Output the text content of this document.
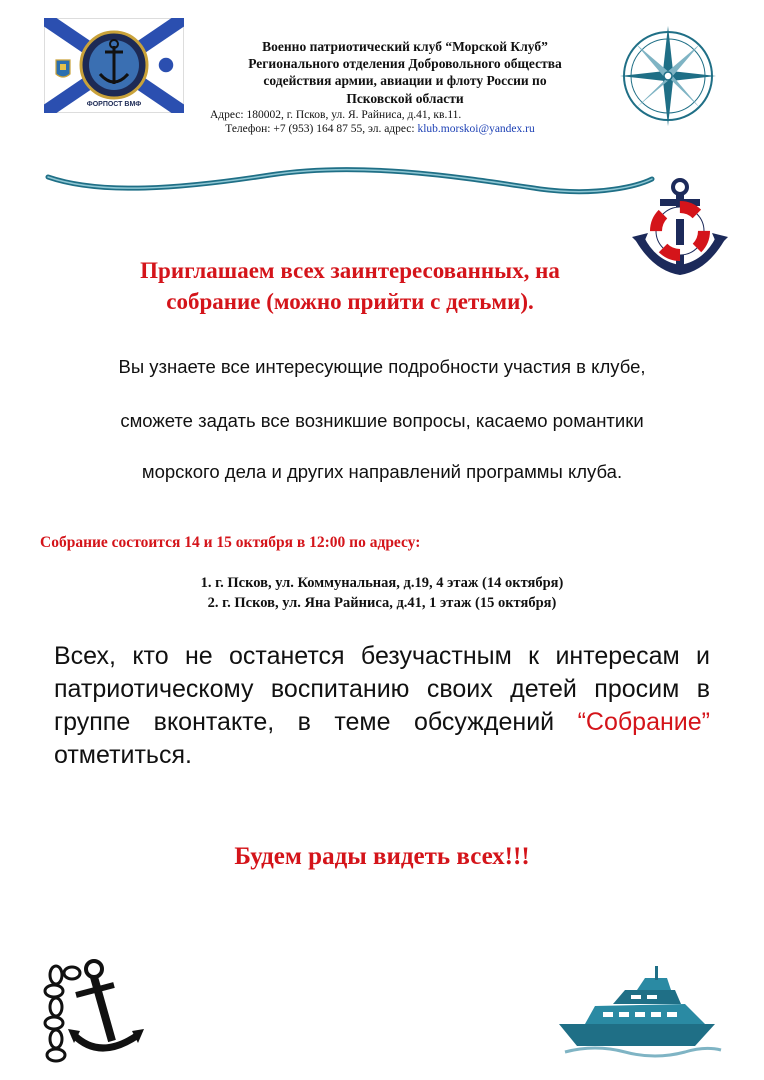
ФОРПОСТ ВМФ
Военно патриотический клуб “Морской Клуб”
Регионального отделения Добровольного общества
содействия армии, авиации и флоту России по
Псковской области
Адрес: 180002, г. Псков, ул. Я. Райниса, д.41, кв.11.
Телефон: +7 (953) 164 87 55, эл. адрес: klub.morskoi@yandex.ru
Приглашаем всех заинтересованных, на
собрание (можно прийти с детьми).
Вы узнаете все интересующие подробности участия в клубе,
сможете задать все возникшие вопросы, касаемо романтики
морского дела и других направлений программы клуба.
Собрание состоится 14 и 15 октября в 12:00 по адресу:
1. г. Псков, ул. Коммунальная, д.19, 4 этаж (14 октября)
2. г. Псков, ул. Яна Райниса, д.41, 1 этаж (15 октября)
Всех, кто не останется безучастным к интересам и патриотическому воспитанию своих детей просим в группе вконтакте, в теме обсуждений “Собрание” отметиться.
Будем рады видеть всех!!!
